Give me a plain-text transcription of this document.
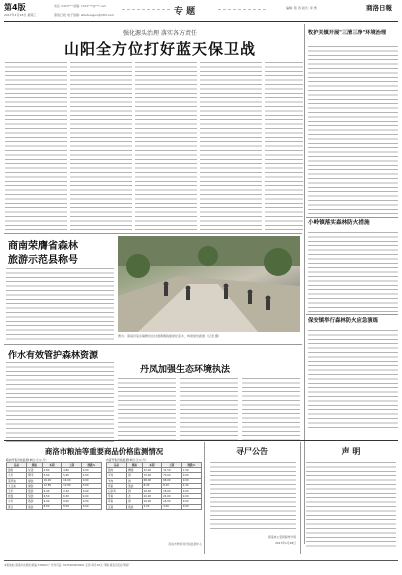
第4版
2017年1月18日 星期三
电话: 2313*** 邮箱: 2313***@***.com
商洛日报 电子信箱: slbshuoguo@163.com	专 题	编辑: 陈 涛 版式: 李 勇	商洛日報
强化源头治理 落实各方责任
山阳全方位打好蓝天保卫战
牧护关镇开展"三清三净"环境治理
小岭镇落实森林防火措施
保安镇举行森林防火应急演练
商南荣膺省森林
旅游示范县称号
图为：商南县某乡镇群众在村道两侧栽植绿化苗木，构建绿色廊道（记者 摄）
作水有效管护森林资源
丹凤加强生态环境执法
商洛市粮油等重要商品价格监测情况
粮油零售价格监测(单位:元/公斤)	肉蛋零售价格监测(单位:元/公斤)
品名	规格	本期	上期	涨跌%
面粉	标准	4.80	4.80	0.00
大米	粳米	5.60	5.60	0.00
菜籽油	桶装	16.00	16.00	0.00
大豆油	桶装	12.80	12.80	0.00
玉米	散装	2.40	2.40	0.00
挂面	袋装	6.50	6.50	0.00
小米	散装	9.00	9.00	0.00
黄豆	散装	8.00	8.00	0.00
品名	规格	本期	上期	涨跌%
猪肉	精瘦	32.00	31.50	1.59
牛肉	鲜	70.00	70.00	0.00
羊肉	鲜	68.00	68.00	0.00
鸡蛋	散装	8.40	8.20	2.44
白条鸡	鲜	18.00	18.00	0.00
带鱼	冻	24.00	24.00	0.00
草鱼	鲜	16.00	16.00	0.00
豆腐	散装	4.00	4.00	0.00
商洛市物价局价格监测中心
寻尸公告
商洛市公安局商州分局
2017年1月18日
声 明
本报地址:商洛市北新街 邮编:726000 广告许可证: 6125004000001 定价:每月XX元 印刷:商洛日报社印刷厂
